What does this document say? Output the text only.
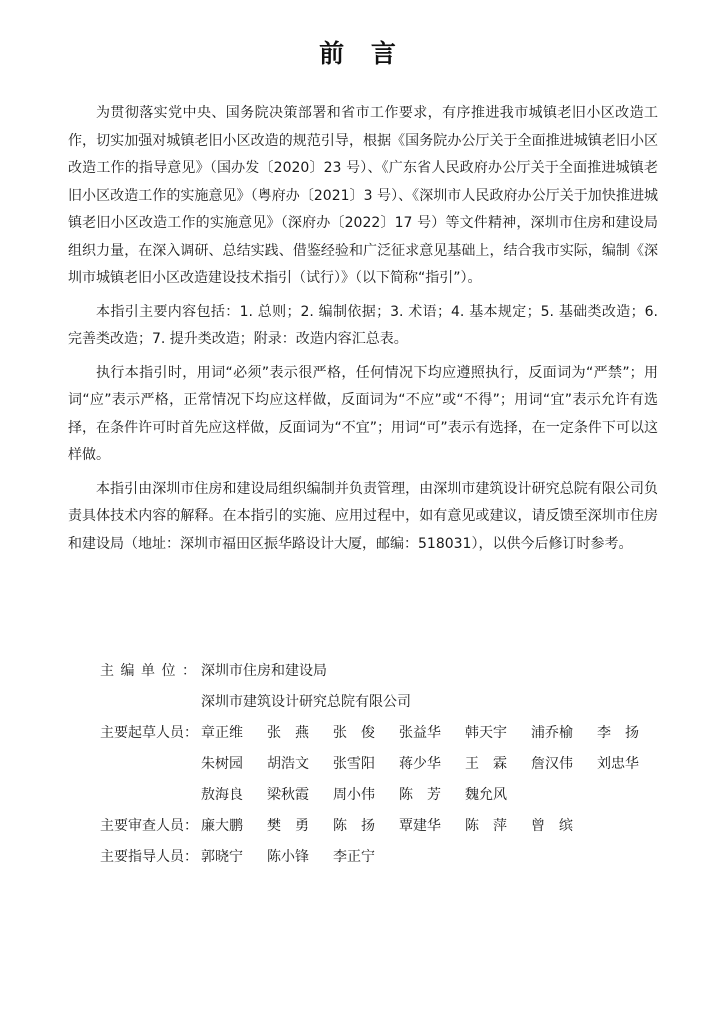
前 言

为贯彻落实党中央、国务院决策部署和省市工作要求，有序推进我市城镇老旧小区改造工作，切实加强对城镇老旧小区改造的规范引导，根据《国务院办公厅关于全面推进城镇老旧小区改造工作的指导意见》（国办发〔2020〕23 号）、《广东省人民政府办公厅关于全面推进城镇老旧小区改造工作的实施意见》（粤府办〔2021〕3 号）、《深圳市人民政府办公厅关于加快推进城镇老旧小区改造工作的实施意见》（深府办〔2022〕17 号）等文件精神，深圳市住房和建设局组织力量，在深入调研、总结实践、借鉴经验和广泛征求意见基础上，结合我市实际，编制《深圳市城镇老旧小区改造建设技术指引（试行）》（以下简称“指引”）。

本指引主要内容包括：1. 总则；2. 编制依据；3. 术语；4. 基本规定；5. 基础类改造；6. 完善类改造；7. 提升类改造；附录：改造内容汇总表。

执行本指引时，用词“必须”表示很严格，任何情况下均应遵照执行，反面词为“严禁”；用词“应”表示严格，正常情况下均应这样做，反面词为“不应”或“不得”；用词“宜”表示允许有选择，在条件许可时首先应这样做，反面词为“不宜”；用词“可”表示有选择，在一定条件下可以这样做。

本指引由深圳市住房和建设局组织编制并负责管理，由深圳市建筑设计研究总院有限公司负责具体技术内容的解释。在本指引的实施、应用过程中，如有意见或建议，请反馈至深圳市住房和建设局（地址：深圳市福田区振华路设计大厦，邮编：518031），以供今后修订时参考。

主编单位：
深圳市住房和建设局
深圳市建筑设计研究总院有限公司
主要起草人员： 章正维	张　燕	张　俊	张益华	韩天宇	浦乔榆	李　扬
朱树园	胡浩文	张雪阳	蒋少华	王　霖	詹汉伟	刘忠华
敖海良	梁秋霞	周小伟	陈　芳	魏允风
主要审查人员： 廉大鹏	樊　勇	陈　扬	覃建华	陈　萍	曾　缤
主要指导人员： 郭晓宁	陈小锋	李正宁
